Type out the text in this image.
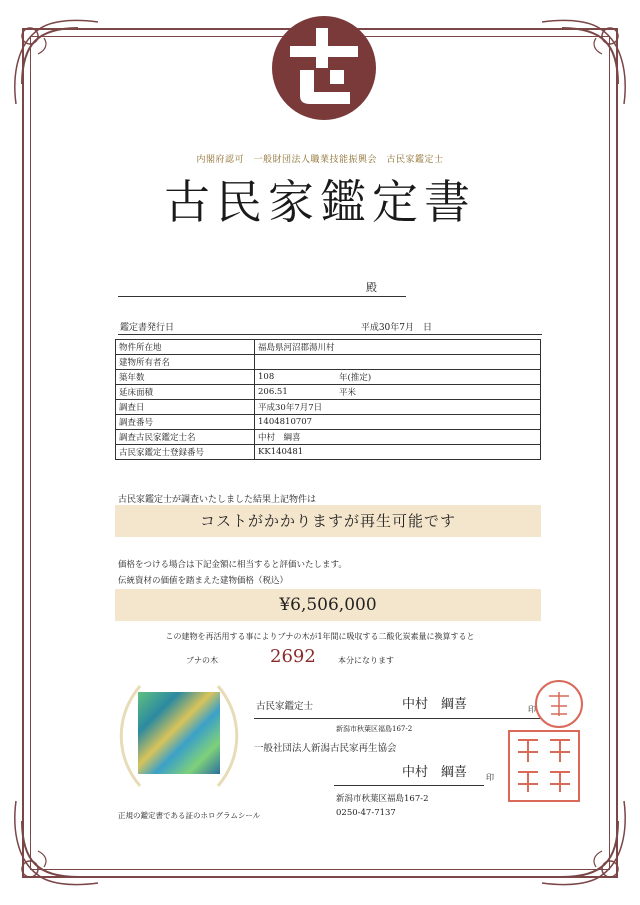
内閣府認可　一般財団法人職業技能振興会　古民家鑑定士
古民家鑑定書
殿
鑑定書発行日	平成30年7月　日
物件所在地	福島県河沼郡湯川村
建物所有者名	
築年数	108 年(推定)

延床面積	206.51 平米

調査日	平成30年7月7日
調査番号	1404810707
調査古民家鑑定士名	中村　綱喜
古民家鑑定士登録番号	KK140481
古民家鑑定士が調査いたしました結果上記物件は
コストがかかりますが再生可能です
価格をつける場合は下記金額に相当すると評価いたします。
伝統資材の価値を踏まえた建物価格（税込）
¥6,506,000
この建物を再活用する事によりブナの木が1年間に吸収する二酸化炭素量に換算すると
ブナの木	2692	本分になります
正規の鑑定書である証のホログラムシール
古民家鑑定士	中村　綱喜	印
新潟市秋葉区福島167-2
一般社団法人新潟古民家再生協会
中村　綱喜 印
新潟市秋葉区福島167-2
0250-47-7137
